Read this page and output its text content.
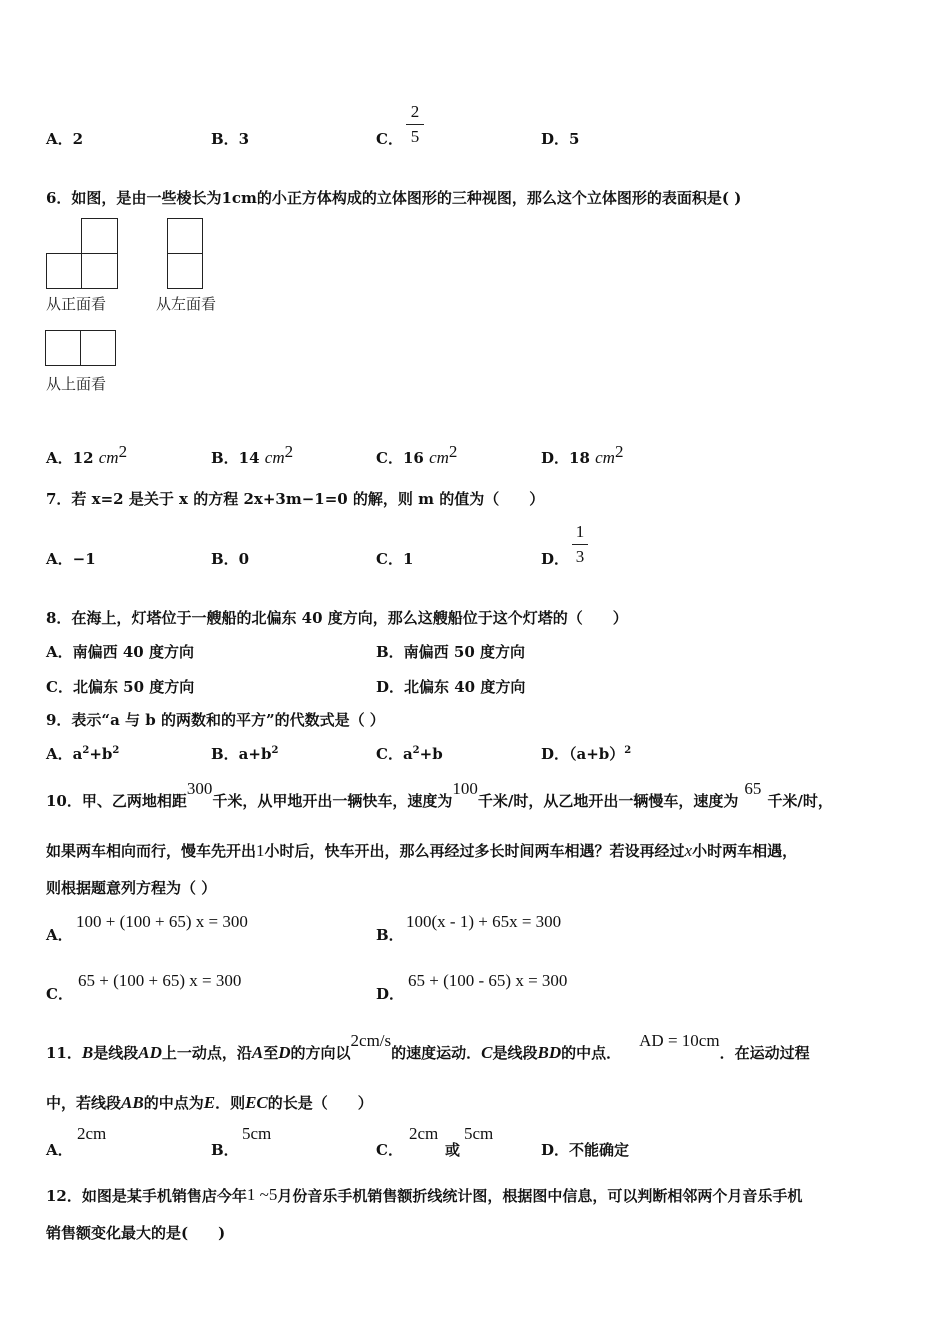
A．2	B．3	C．
2
5	D．5
6．如图，是由一些棱长为1cm的小正方体构成的立体图形的三种视图，那么这个立体图形的表面积是( )
从正面看	从左面看
从上面看
A．12 $cm^2$	B．14 $cm^2$	C．16 $cm^2$	D．18 $cm^2$
7．若 x=2 是关于 x 的方程 2x+3m−1=0 的解，则 m 的值为（　　）
A．−1	B．0	C．1	D．
1
3
8．在海上，灯塔位于一艘船的北偏东 40 度方向，那么这艘船位于这个灯塔的（　　）
A．南偏西 40 度方向	B．南偏西 50 度方向
C．北偏东 50 度方向	D．北偏东 40 度方向
9．表示“a 与 b 的两数和的平方”的代数式是（ ）
A．$a^2+b^2$	B．$a+b^2$	C．$a^2+b$	D．$(a+b)^2$
10．甲、乙两地相距300千米，从甲地开出一辆快车，速度为100千米/时，从乙地开出一辆慢车，速度为65千米/时，
如果两车相向而行，慢车先开出1小时后，快车开出，那么再经过多长时间两车相遇？若设再经过x小时两车相遇，
则根据题意列方程为（ ）
A．
100 + (100 + 65) x = 300
B．
100(x - 1) + 65x = 300
C．
65 + (100 + 65) x = 300
D．
65 + (100 - 65) x = 300
11．B是线段AD上一动点，沿A至D的方向以2cm/s的速度运动．C是线段BD的中点．AD = 10cm．在运动过程
中，若线段AB的中点为E．则EC的长是（　　）
A．
2cm
B．
5cm
C．
2cm
或
5cm
D．不能确定
12．如图是某手机销售店今年1 ~5月份音乐手机销售额折线统计图，根据图中信息，可以判断相邻两个月音乐手机
销售额变化最大的是(　　)
